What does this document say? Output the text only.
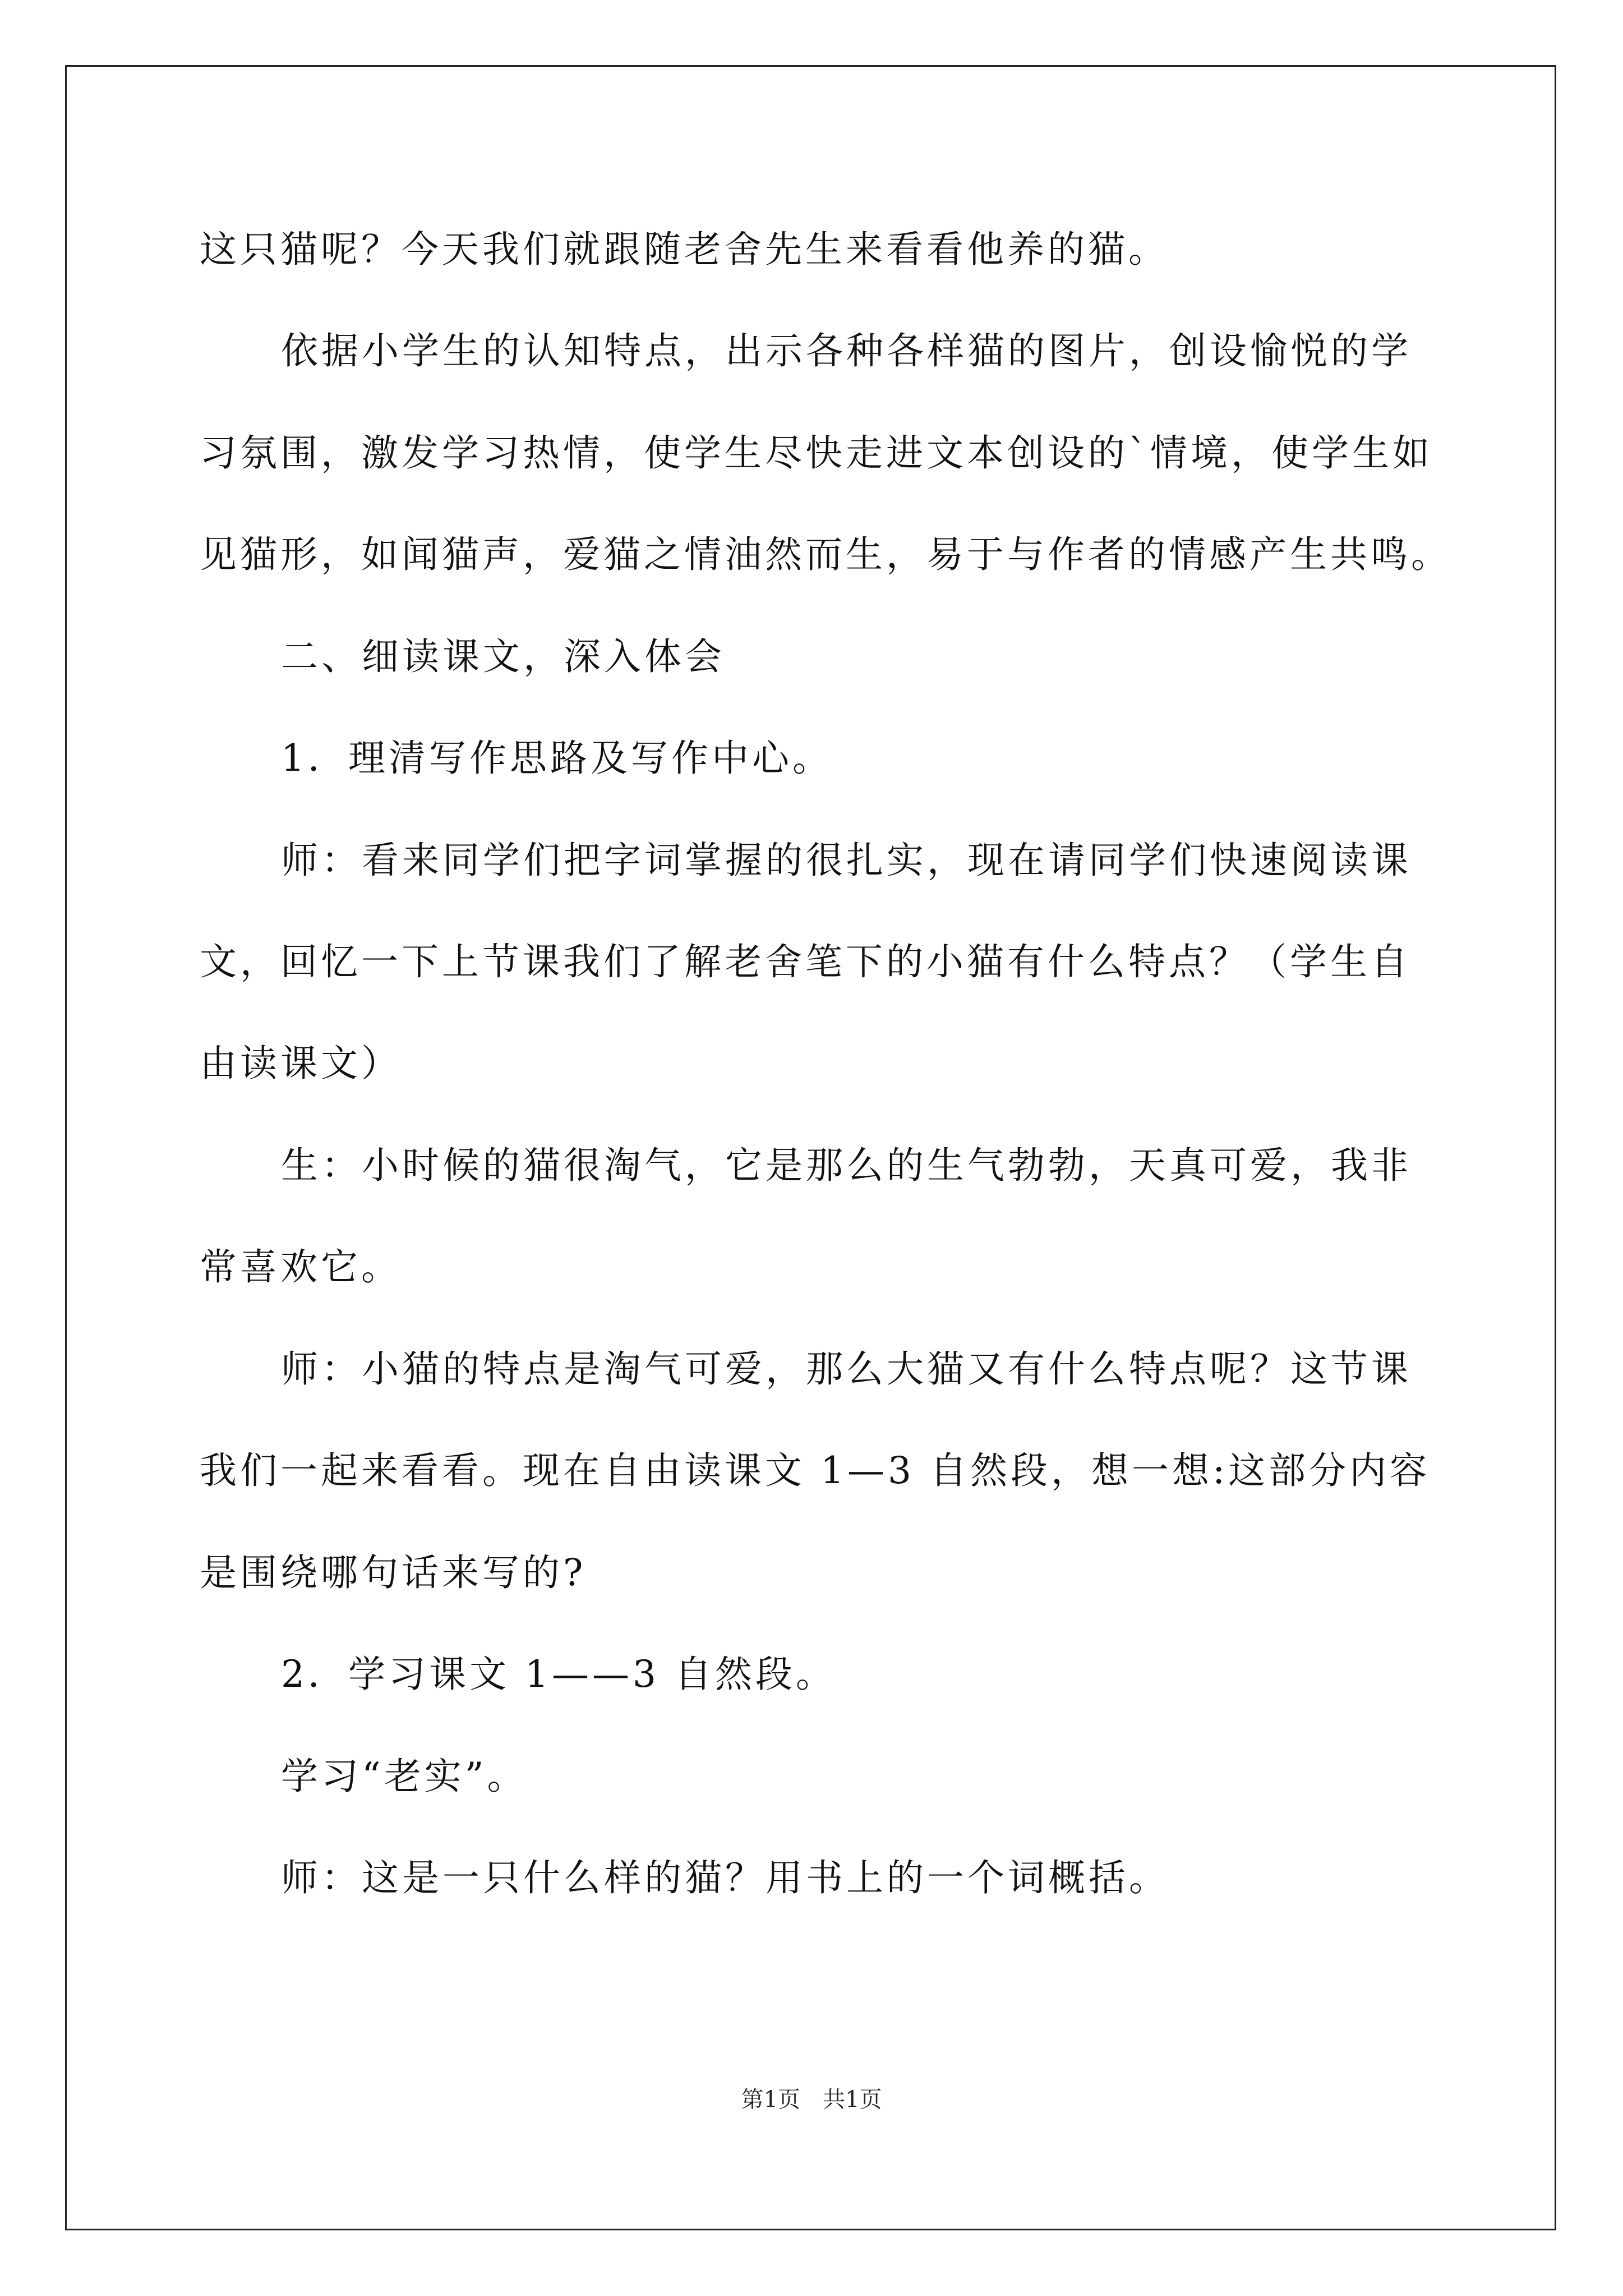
这只猫呢？今天我们就跟随老舍先生来看看他养的猫。
依据小学生的认知特点，出示各种各样猫的图片，创设愉悦的学
习氛围，激发学习热情，使学生尽快走进文本创设的`情境，使学生如
见猫形，如闻猫声，爱猫之情油然而生，易于与作者的情感产生共鸣。
二、细读课文，深入体会
1．理清写作思路及写作中心。
师：看来同学们把字词掌握的很扎实，现在请同学们快速阅读课
文，回忆一下上节课我们了解老舍笔下的小猫有什么特点？（学生自
由读课文）
生：小时候的猫很淘气，它是那么的生气勃勃，天真可爱，我非
常喜欢它。
师：小猫的特点是淘气可爱，那么大猫又有什么特点呢？这节课
我们一起来看看。现在自由读课文 1—3 自然段，想一想:这部分内容
是围绕哪句话来写的?
2．学习课文 1——3 自然段。
学习“老实”。
师：这是一只什么样的猫？用书上的一个词概括。
第1页 共1页
